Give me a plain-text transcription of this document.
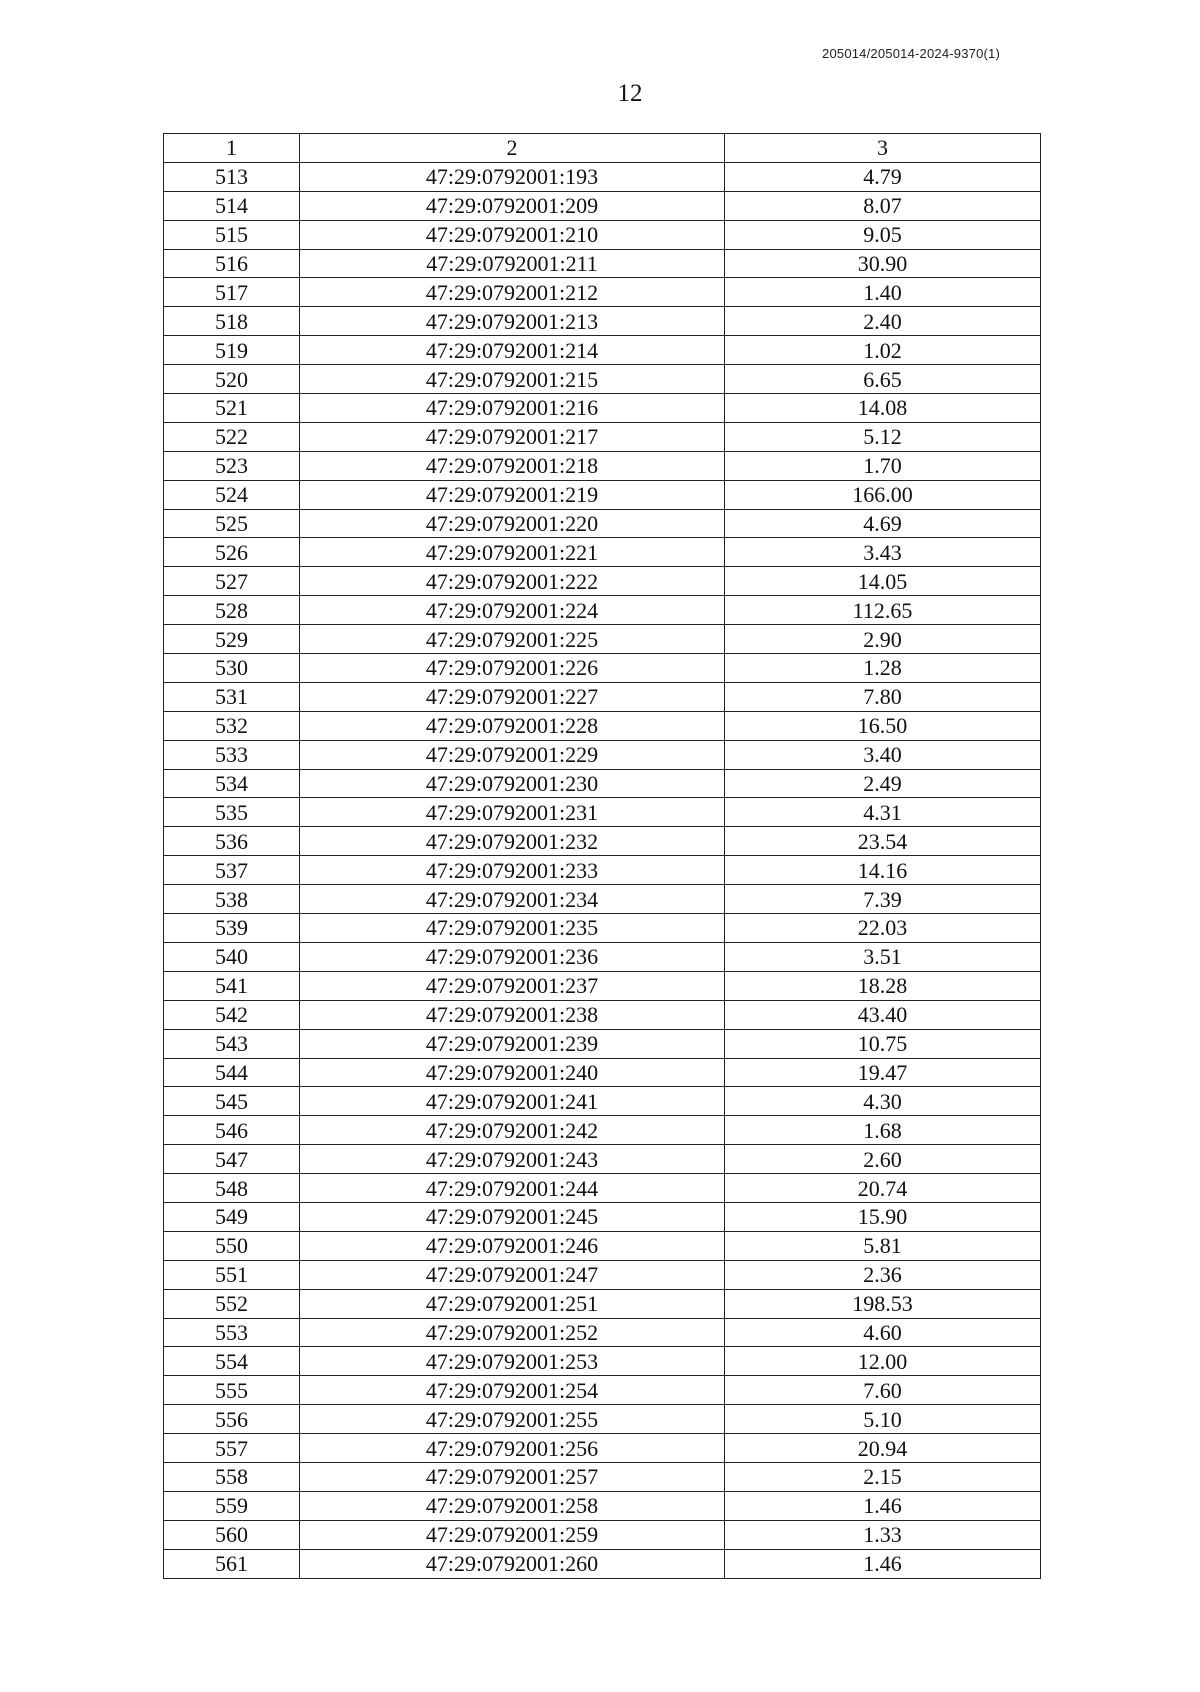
205014/205014-2024-9370(1)
12
1	2	3
513	47:29:0792001:193	4.79
514	47:29:0792001:209	8.07
515	47:29:0792001:210	9.05
516	47:29:0792001:211	30.90
517	47:29:0792001:212	1.40
518	47:29:0792001:213	2.40
519	47:29:0792001:214	1.02
520	47:29:0792001:215	6.65
521	47:29:0792001:216	14.08
522	47:29:0792001:217	5.12
523	47:29:0792001:218	1.70
524	47:29:0792001:219	166.00
525	47:29:0792001:220	4.69
526	47:29:0792001:221	3.43
527	47:29:0792001:222	14.05
528	47:29:0792001:224	112.65
529	47:29:0792001:225	2.90
530	47:29:0792001:226	1.28
531	47:29:0792001:227	7.80
532	47:29:0792001:228	16.50
533	47:29:0792001:229	3.40
534	47:29:0792001:230	2.49
535	47:29:0792001:231	4.31
536	47:29:0792001:232	23.54
537	47:29:0792001:233	14.16
538	47:29:0792001:234	7.39
539	47:29:0792001:235	22.03
540	47:29:0792001:236	3.51
541	47:29:0792001:237	18.28
542	47:29:0792001:238	43.40
543	47:29:0792001:239	10.75
544	47:29:0792001:240	19.47
545	47:29:0792001:241	4.30
546	47:29:0792001:242	1.68
547	47:29:0792001:243	2.60
548	47:29:0792001:244	20.74
549	47:29:0792001:245	15.90
550	47:29:0792001:246	5.81
551	47:29:0792001:247	2.36
552	47:29:0792001:251	198.53
553	47:29:0792001:252	4.60
554	47:29:0792001:253	12.00
555	47:29:0792001:254	7.60
556	47:29:0792001:255	5.10
557	47:29:0792001:256	20.94
558	47:29:0792001:257	2.15
559	47:29:0792001:258	1.46
560	47:29:0792001:259	1.33
561	47:29:0792001:260	1.46
